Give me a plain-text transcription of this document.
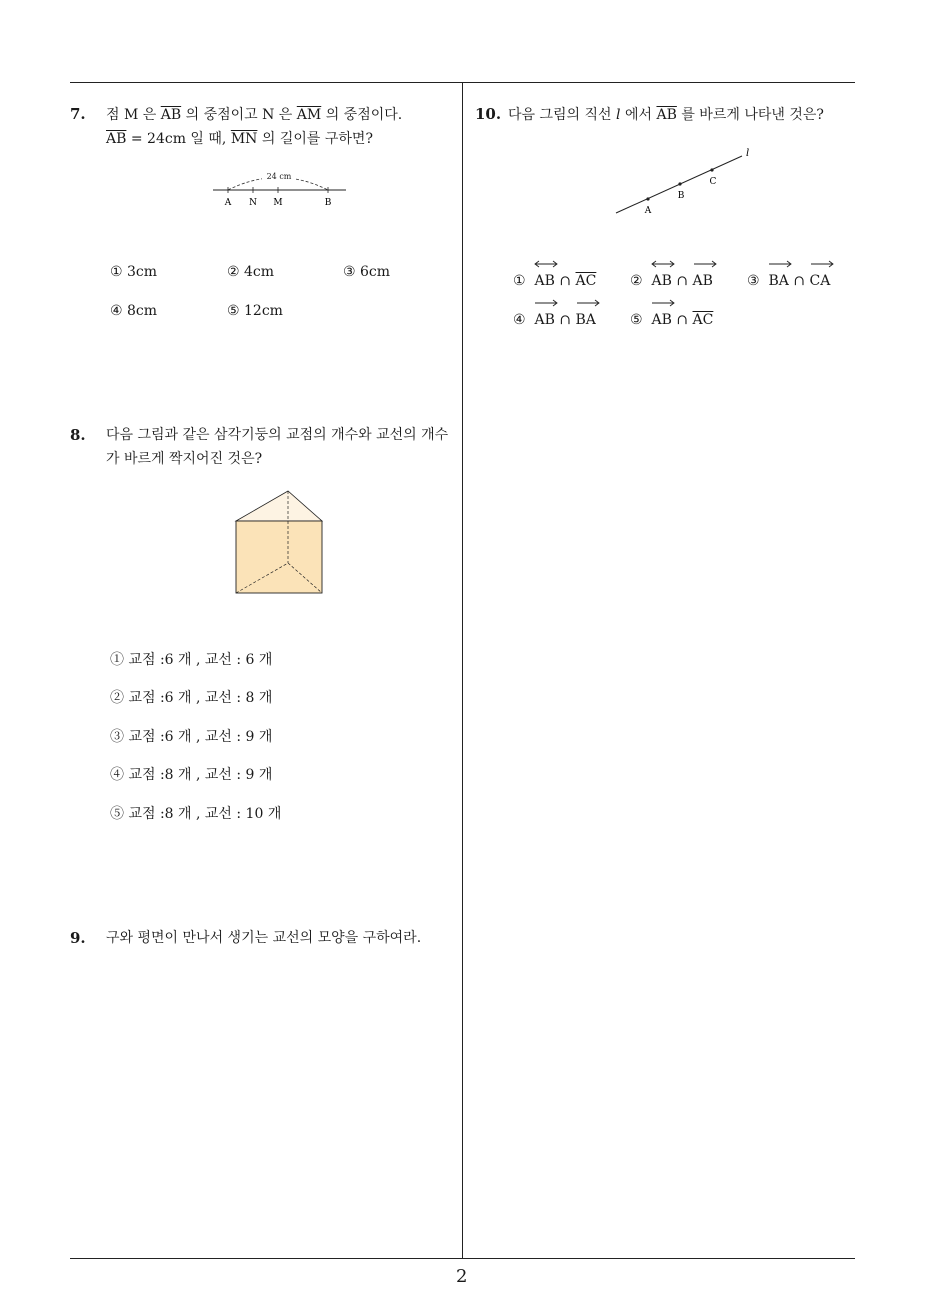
7. 점 M 은 $\overline{AB}$ 의 중점이고 N 은 $\overline{AM}$ 의 중점이다.
$\overline{AB} = 24cm$ 일 때, $\overline{MN}$ 의 길이를 구하면?
24 cm
A N M	B
① 3cm	② 4cm	③ 6cm
④ 8cm	⑤ 12cm
8. 다음 그림과 같은 삼각기둥의 교점의 개수와 교선의 개수가 바르게 짝지어진 것은?
① 교점 :6 개 , 교선 : 6 개
② 교점 :6 개 , 교선 : 8 개
③ 교점 :6 개 , 교선 : 9 개
④ 교점 :8 개 , 교선 : 9 개
⑤ 교점 :8 개 , 교선 : 10 개
9. 구와 평면이 만나서 생기는 교선의 모양을 구하여라.
10. 다음 그림의 직선 l 에서 $\overline{AB}$ 를 바르게 나타낸 것은?
l
A
B
C
① AB ∩ $\overline{AC}$ ② AB ∩ AB ③ BA ∩ CA
④ AB ∩ BA ⑤ AB ∩ $\overline{AC}$
2
